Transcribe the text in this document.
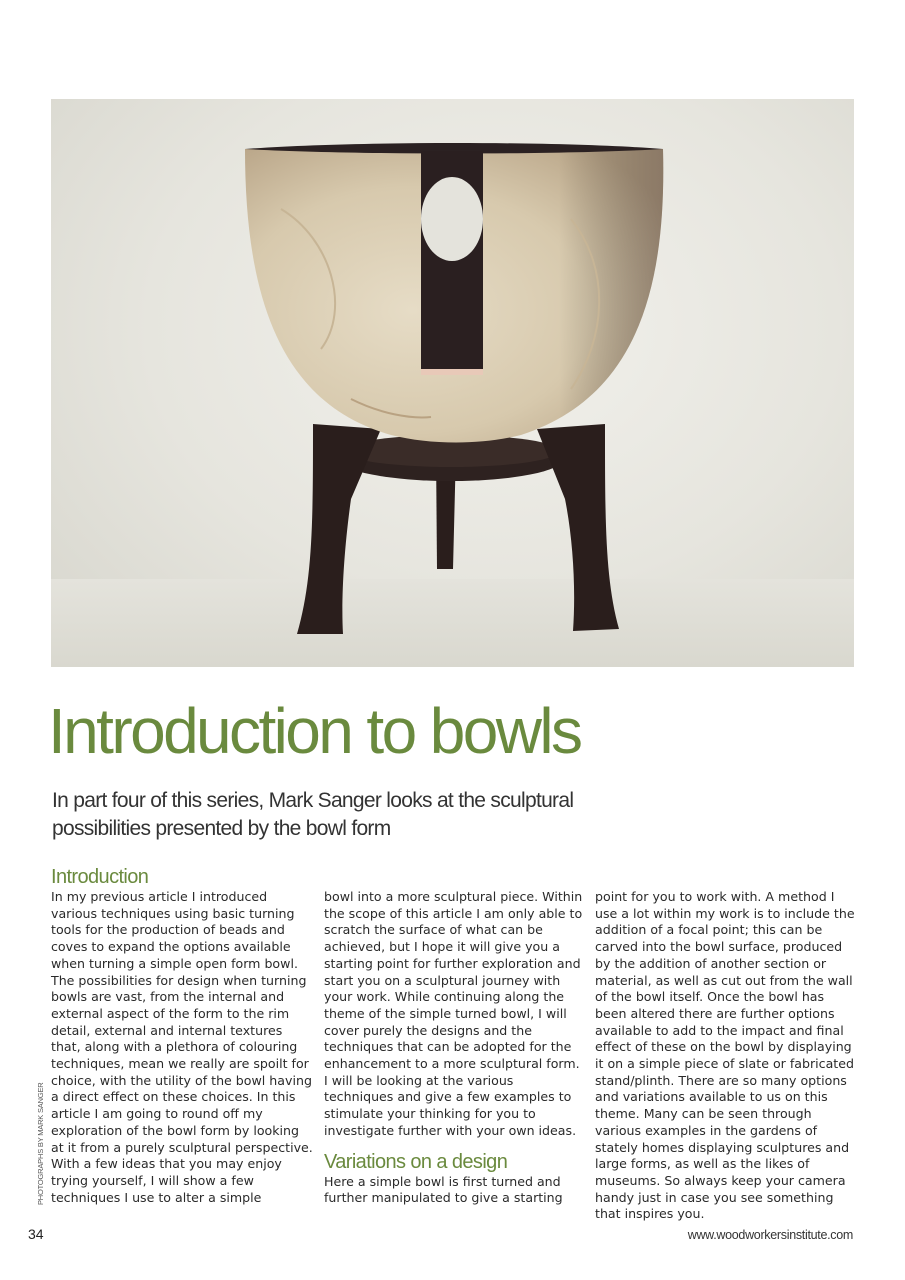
Introduction to bowls

In part four of this series, Mark Sanger looks at the sculptural possibilities presented by the bowl form

Introduction

In my previous article I introduced various techniques using basic turning tools for the production of beads and coves to expand the options available when turning a simple open form bowl. The possibilities for design when turning bowls are vast, from the internal and external aspect of the form to the rim detail, external and internal textures that, along with a plethora of colouring techniques, mean we really are spoilt for choice, with the utility of the bowl having a direct effect on these choices. In this article I am going to round off my exploration of the bowl form by looking at it from a purely sculptural perspective. With a few ideas that you may enjoy trying yourself, I will show a few techniques I use to alter a simple

bowl into a more sculptural piece. Within the scope of this article I am only able to scratch the surface of what can be achieved, but I hope it will give you a starting point for further exploration and start you on a sculptural journey with your work. While continuing along the theme of the simple turned bowl, I will cover purely the designs and the techniques that can be adopted for the enhancement to a more sculptural form. I will be looking at the various techniques and give a few examples to stimulate your thinking for you to investigate further with your own ideas.

Variations on a design

Here a simple bowl is first turned and further manipulated to give a starting

point for you to work with. A method I use a lot within my work is to include the addition of a focal point; this can be carved into the bowl surface, produced by the addition of another section or material, as well as cut out from the wall of the bowl itself. Once the bowl has been altered there are further options available to add to the impact and final effect of these on the bowl by displaying it on a simple piece of slate or fabricated stand/plinth. There are so many options and variations available to us on this theme. Many can be seen through various examples in the gardens of stately homes displaying sculptures and large forms, as well as the likes of museums. So always keep your camera handy just in case you see something that inspires you.

PHOTOGRAPHS BY MARK SANGER
34	www.woodworkersinstitute.com
